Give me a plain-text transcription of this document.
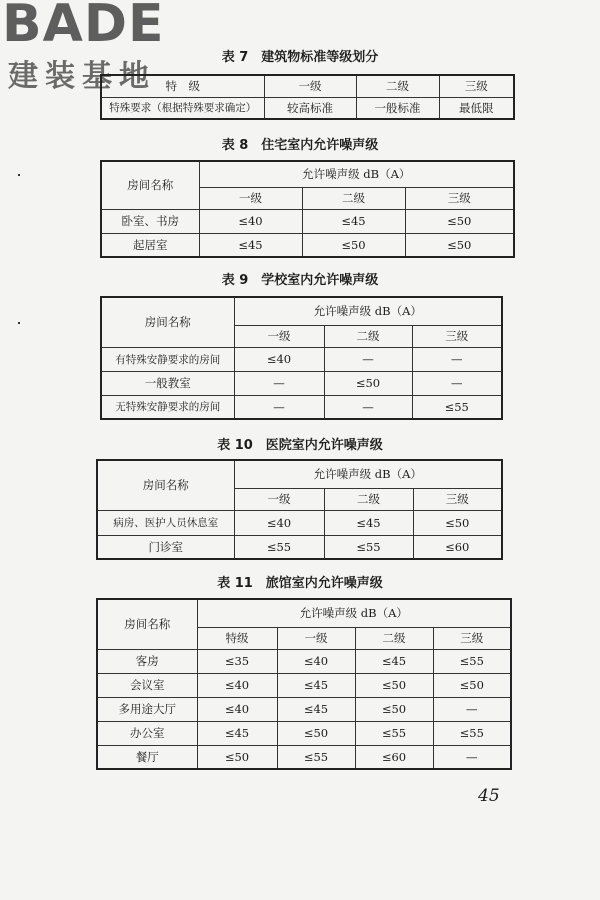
BADE
建装基地
表 7　建筑物标准等级划分
特　级	一级	二级	三级
特殊要求（根据特殊要求确定）	较高标准	一般标准	最低限
表 8　住宅室内允许噪声级
房间名称	允许噪声级 dB（A）		
	一级	二级	三级
卧室、书房	≤40	≤45	≤50
起居室	≤45	≤50	≤50
表 9　学校室内允许噪声级
房间名称	允许噪声级 dB（A）		
	一级	二级	三级
有特殊安静要求的房间	≤40	—	—
一般教室	—	≤50	—
无特殊安静要求的房间	—	—	≤55
表 10　医院室内允许噪声级
房间名称	允许噪声级 dB（A）		
	一级	二级	三级
病房、医护人员休息室	≤40	≤45	≤50
门诊室	≤55	≤55	≤60
表 11　旅馆室内允许噪声级
房间名称	允许噪声级 dB（A）			
	特级	一级	二级	三级
客房	≤35	≤40	≤45	≤55
会议室	≤40	≤45	≤50	≤50
多用途大厅	≤40	≤45	≤50	—
办公室	≤45	≤50	≤55	≤55
餐厅	≤50	≤55	≤60	—
45
